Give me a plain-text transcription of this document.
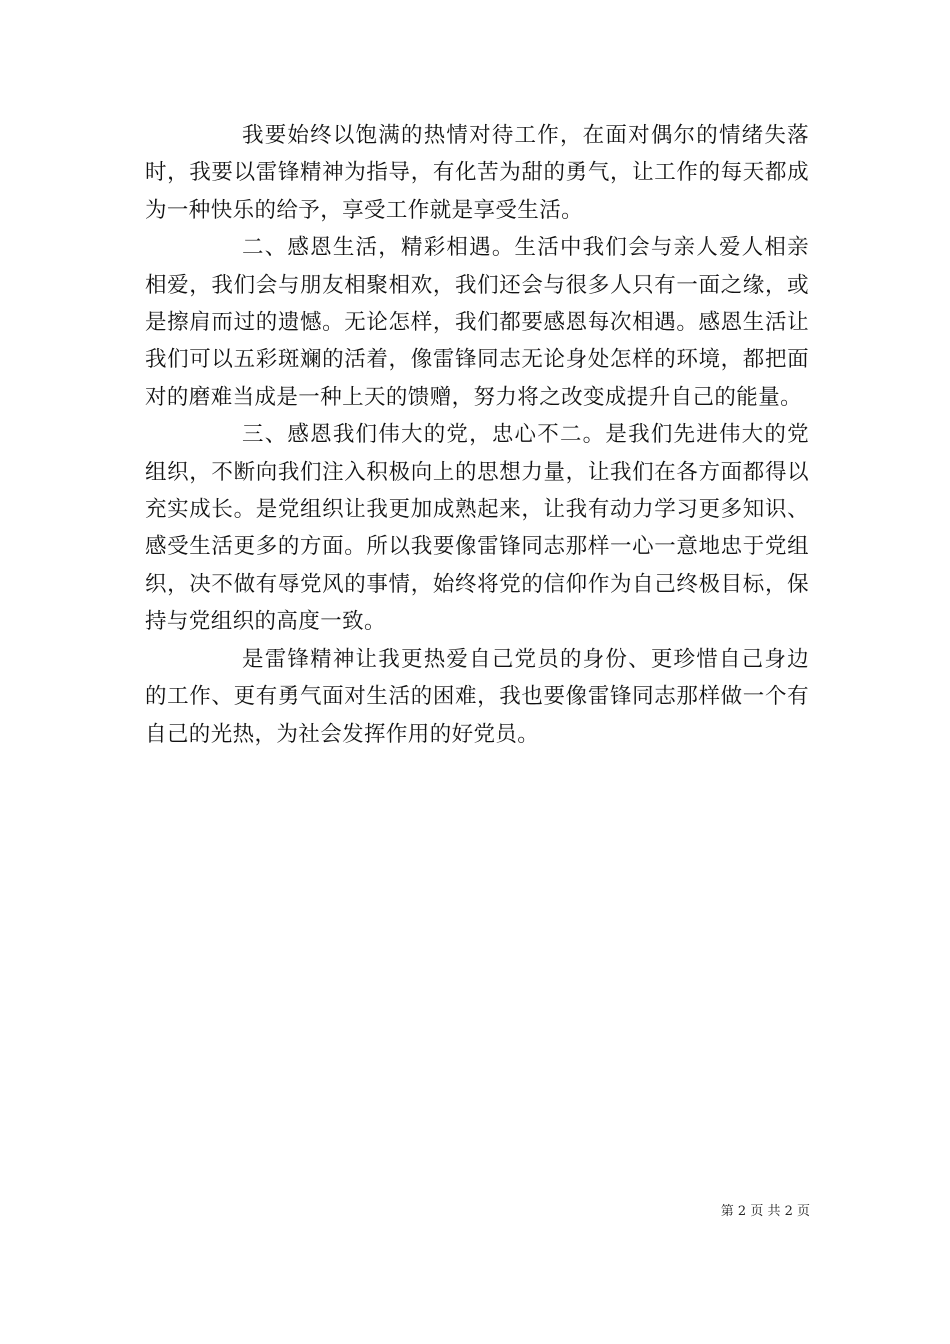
我要始终以饱满的热情对待工作，在面对偶尔的情绪失落时，我要以雷锋精神为指导，有化苦为甜的勇气，让工作的每天都成为一种快乐的给予，享受工作就是享受生活。

二、感恩生活，精彩相遇。生活中我们会与亲人爱人相亲相爱，我们会与朋友相聚相欢，我们还会与很多人只有一面之缘，或是擦肩而过的遗憾。无论怎样，我们都要感恩每次相遇。感恩生活让我们可以五彩斑斓的活着，像雷锋同志无论身处怎样的环境，都把面对的磨难当成是一种上天的馈赠，努力将之改变成提升自己的能量。

三、感恩我们伟大的党，忠心不二。是我们先进伟大的党组织，不断向我们注入积极向上的思想力量，让我们在各方面都得以充实成长。是党组织让我更加成熟起来，让我有动力学习更多知识、感受生活更多的方面。所以我要像雷锋同志那样一心一意地忠于党组织，决不做有辱党风的事情，始终将党的信仰作为自己终极目标，保持与党组织的高度一致。

是雷锋精神让我更热爱自己党员的身份、更珍惜自己身边的工作、更有勇气面对生活的困难，我也要像雷锋同志那样做一个有自己的光热，为社会发挥作用的好党员。

第 2 页 共 2 页
